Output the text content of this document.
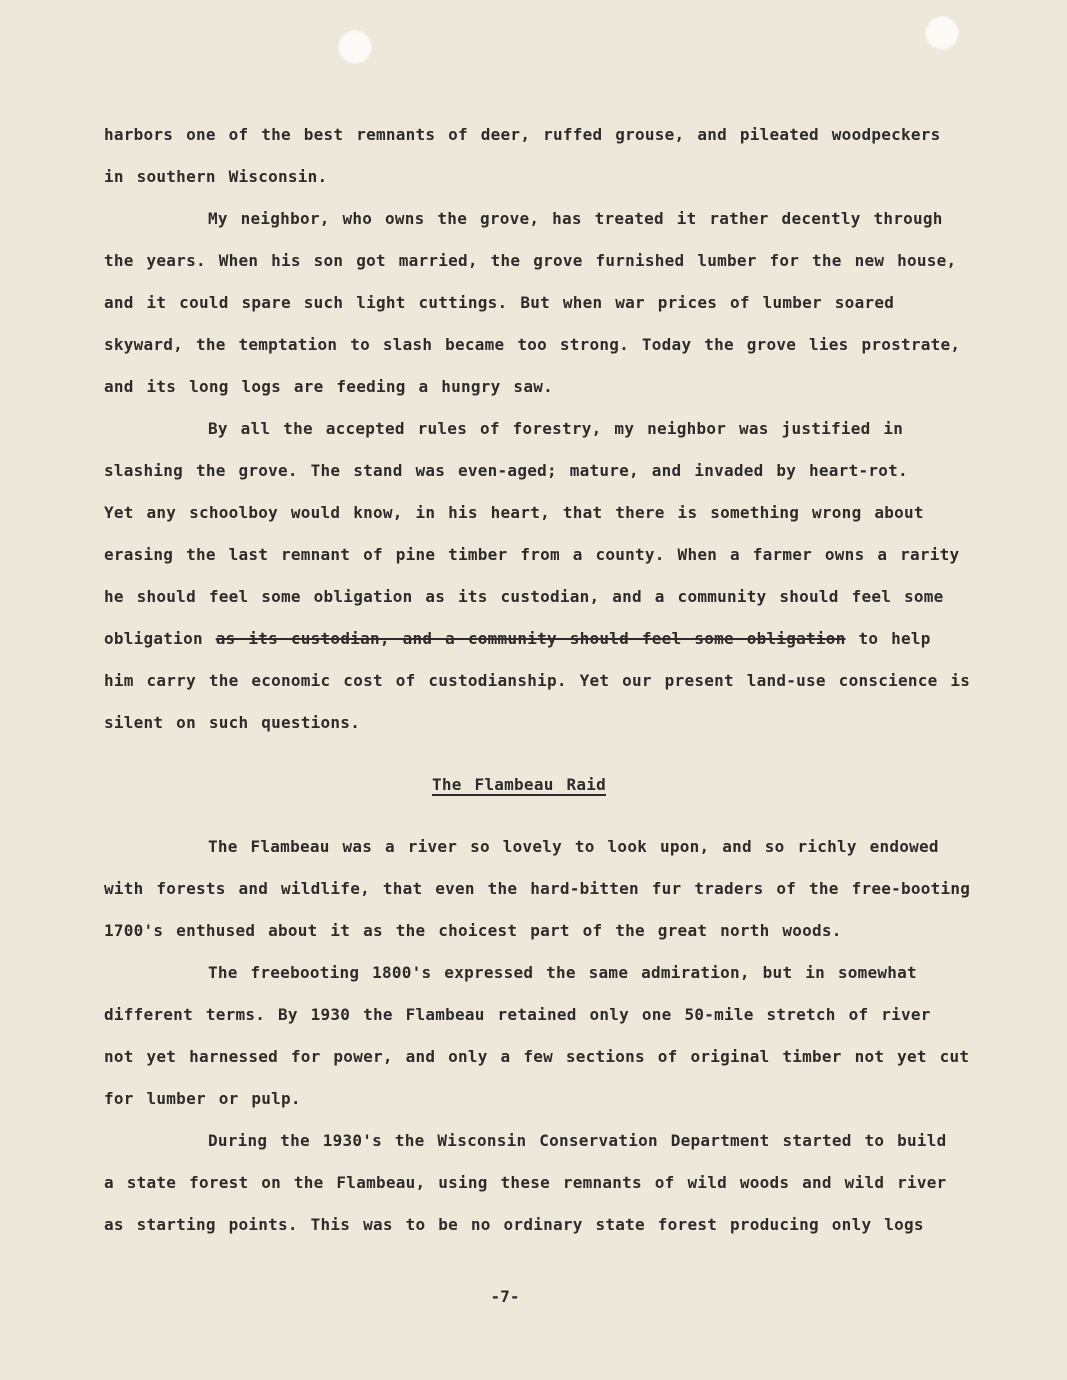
harbors one of the best remnants of deer, ruffed grouse, and pileated woodpeckers
in southern Wisconsin.
My neighbor, who owns the grove, has treated it rather decently through
the years. When his son got married, the grove furnished lumber for the new house,
and it could spare such light cuttings. But when war prices of lumber soared
skyward, the temptation to slash became too strong. Today the grove lies prostrate,
and its long logs are feeding a hungry saw.
By all the accepted rules of forestry, my neighbor was justified in
slashing the grove. The stand was even-aged; mature, and invaded by heart-rot.
Yet any schoolboy would know, in his heart, that there is something wrong about
erasing the last remnant of pine timber from a county. When a farmer owns a rarity
he should feel some obligation as its custodian, and a community should feel some
obligation as its custodian, and a community should feel some obligation to help
him carry the economic cost of custodianship. Yet our present land-use conscience is
silent on such questions.
The Flambeau Raid
The Flambeau was a river so lovely to look upon, and so richly endowed
with forests and wildlife, that even the hard-bitten fur traders of the free-booting
1700's enthused about it as the choicest part of the great north woods.
The freebooting 1800's expressed the same admiration, but in somewhat
different terms. By 1930 the Flambeau retained only one 50-mile stretch of river
not yet harnessed for power, and only a few sections of original timber not yet cut
for lumber or pulp.
During the 1930's the Wisconsin Conservation Department started to build
a state forest on the Flambeau, using these remnants of wild woods and wild river
as starting points. This was to be no ordinary state forest producing only logs
-7-
